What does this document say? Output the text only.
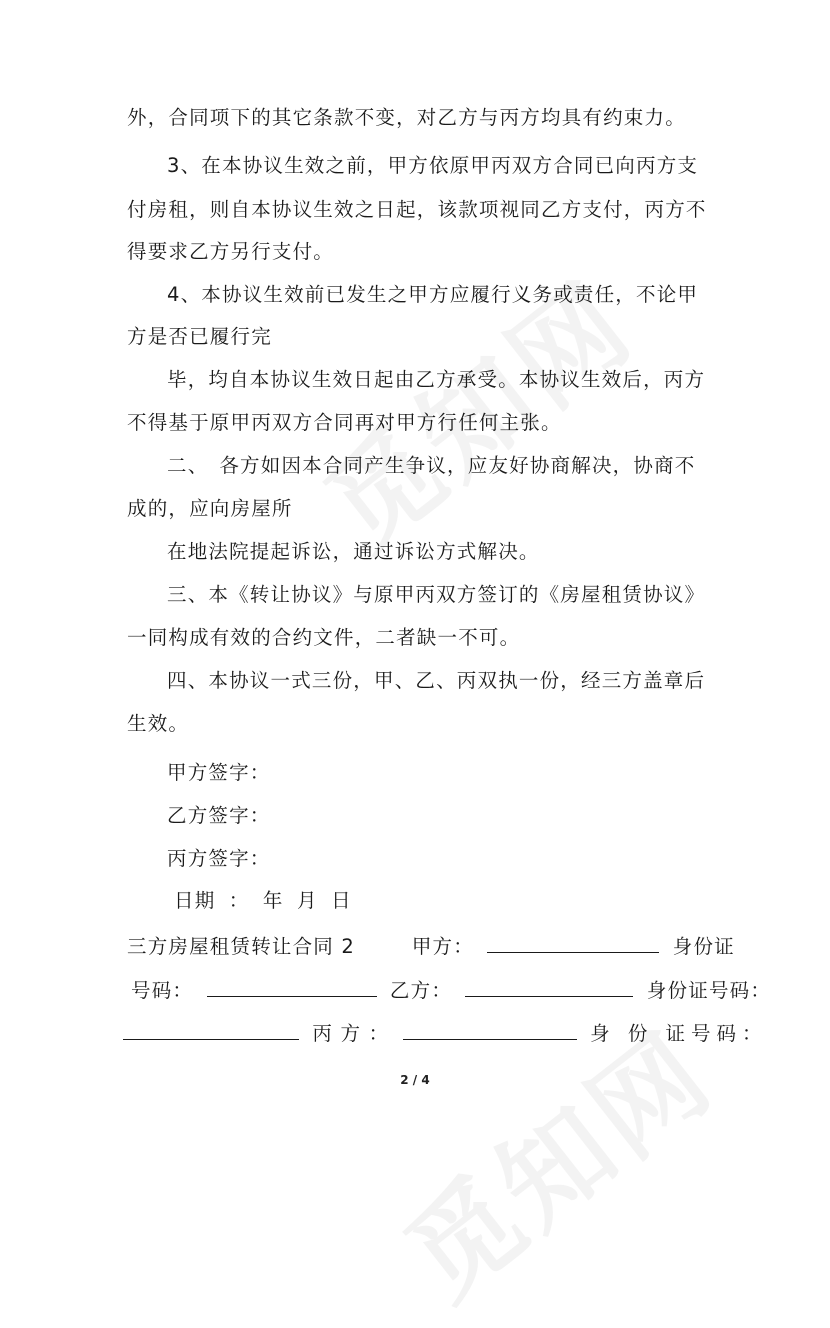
外，合同项下的其它条款不变，对乙方与丙方均具有约束力。
3、在本协议生效之前，甲方依原甲丙双方合同已向丙方支
付房租，则自本协议生效之日起，该款项视同乙方支付，丙方不
得要求乙方另行支付。
4、本协议生效前已发生之甲方应履行义务或责任，不论甲
方是否已履行完
毕，均自本协议生效日起由乙方承受。本协议生效后，丙方
不得基于原甲丙双方合同再对甲方行任何主张。
二、　各方如因本合同产生争议，应友好协商解决，协商不
成的，应向房屋所
在地法院提起诉讼，通过诉讼方式解决。
三、本《转让协议》与原甲丙双方签订的《房屋租赁协议》
一同构成有效的合约文件，二者缺一不可。
四、本协议一式三份，甲、乙、丙双执一份，经三方盖章后
生效。
甲方签字：
乙方签字：
丙方签字：
日期 ： 年 月 日
三方房屋租赁转让合同 2	甲方：	身份证
号码：	乙方：	身份证号码：
丙 方 ：	身 份 证号码：
2 / 4
